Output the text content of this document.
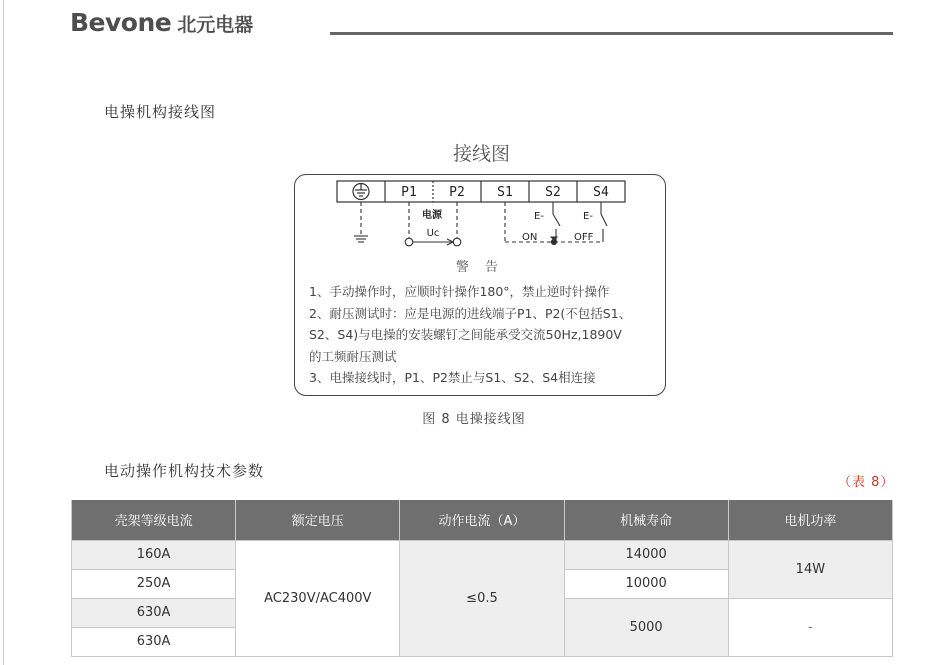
Bevone 北元电器
电操机构接线图
接线图
P1 P2 S1 S2 S4
电源
Uc
E-	E-
ON	OFF
警 告
1、手动操作时，应顺时针操作180°，禁止逆时针操作
2、耐压测试时：应是电源的进线端子P1、P2(不包括S1、
S2、S4)与电操的安装螺钉之间能承受交流50Hz,1890V
的工频耐压测试
3、电操接线时，P1、P2禁止与S1、S2、S4相连接
图 8 电操接线图
电动操作机构技术参数
（表 8）
壳架等级电流	额定电压	动作电流（A）	机械寿命	电机功率
160A	AC230V/AC400V	≤0.5	14000	14W
250A			10000	
630A			5000	-
630A				
